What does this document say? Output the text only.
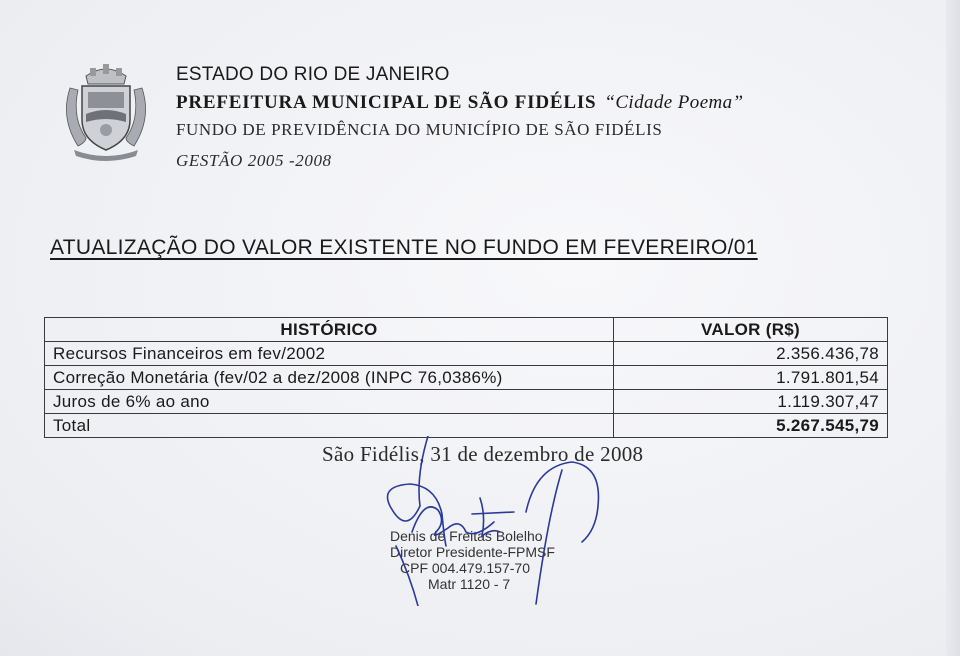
ESTADO DO RIO DE JANEIRO
PREFEITURA MUNICIPAL DE SÃO FIDÉLIS “Cidade Poema”
FUNDO DE PREVIDÊNCIA DO MUNICÍPIO DE SÃO FIDÉLIS
GESTÃO 2005 -2008
ATUALIZAÇÃO DO VALOR EXISTENTE NO FUNDO EM FEVEREIRO/01
HISTÓRICO	VALOR (R$)
Recursos Financeiros em fev/2002	2.356.436,78
Correção Monetária (fev/02 a dez/2008 (INPC 76,0386%)	1.791.801,54
Juros de 6% ao ano	1.119.307,47
Total	5.267.545,79
São Fidélis, 31 de dezembro de 2008
Denis de Freitas Bolelho
Diretor Presidente-FPMSF
CPF 004.479.157-70
Matr 1120 - 7
